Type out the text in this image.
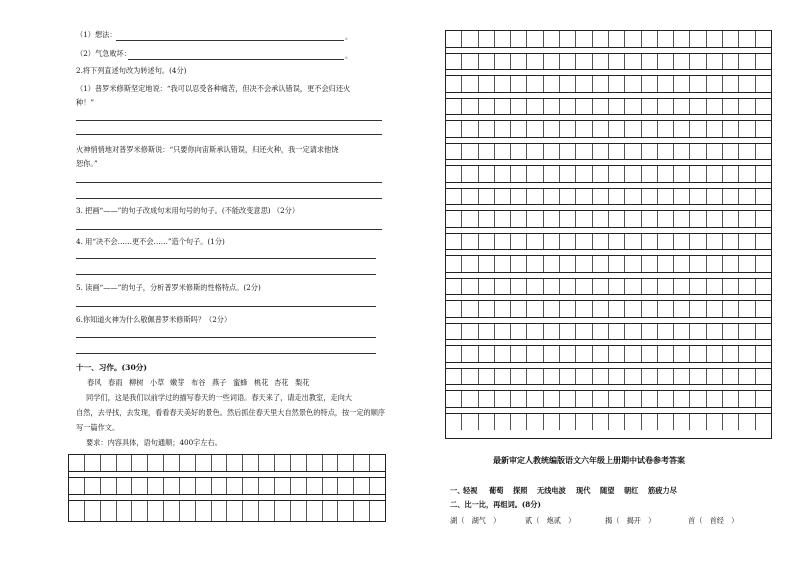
（1）想法：	。
（2）气急败坏：	。
2.将下列直述句改为转述句。(4分)
（1）普罗米修斯坚定地说：“我可以忍受各种痛苦，但决不会承认错误，更不会归还火
种！”
火神悄悄地对普罗米修斯说：“只要你向宙斯承认错误，归还火种，我一定请求他饶
恕你。”
3. 把画“——”的句子改成句末用句号的句子。(不能改变意思) （2分）
4. 用“决不会……更不会……”造个句子。(1分)
5. 读画“——”的句子，分析普罗米修斯的性格特点。(2分)
6.你知道火神为什么敬佩普罗米修斯吗？（2分）
十一、习作。(30分)
春风 春雨 柳树 小草 嫩芽 布谷 燕子 蜜蜂 桃花 杏花 梨花
同学们，这是我们以前学过的描写春天的一些词语。春天来了，请走出教室，走向大
自然，去寻找，去发现，看看春天美好的景色。然后抓住春天里大自然景色的特点，按一定的顺序
写一篇作文。
要求：内容具体，语句通顺；400字左右。
最新审定人教统编版语文六年级上册期中试卷参考答案
一、
轻视 葡萄 探照 无线电波 现代 随望 朝红 筋疲力尽
二、比一比，再组词。(8分)
湖（　湖气　）	贰（　炮贰　）	揭（　揭开　）	首（　首经　）
